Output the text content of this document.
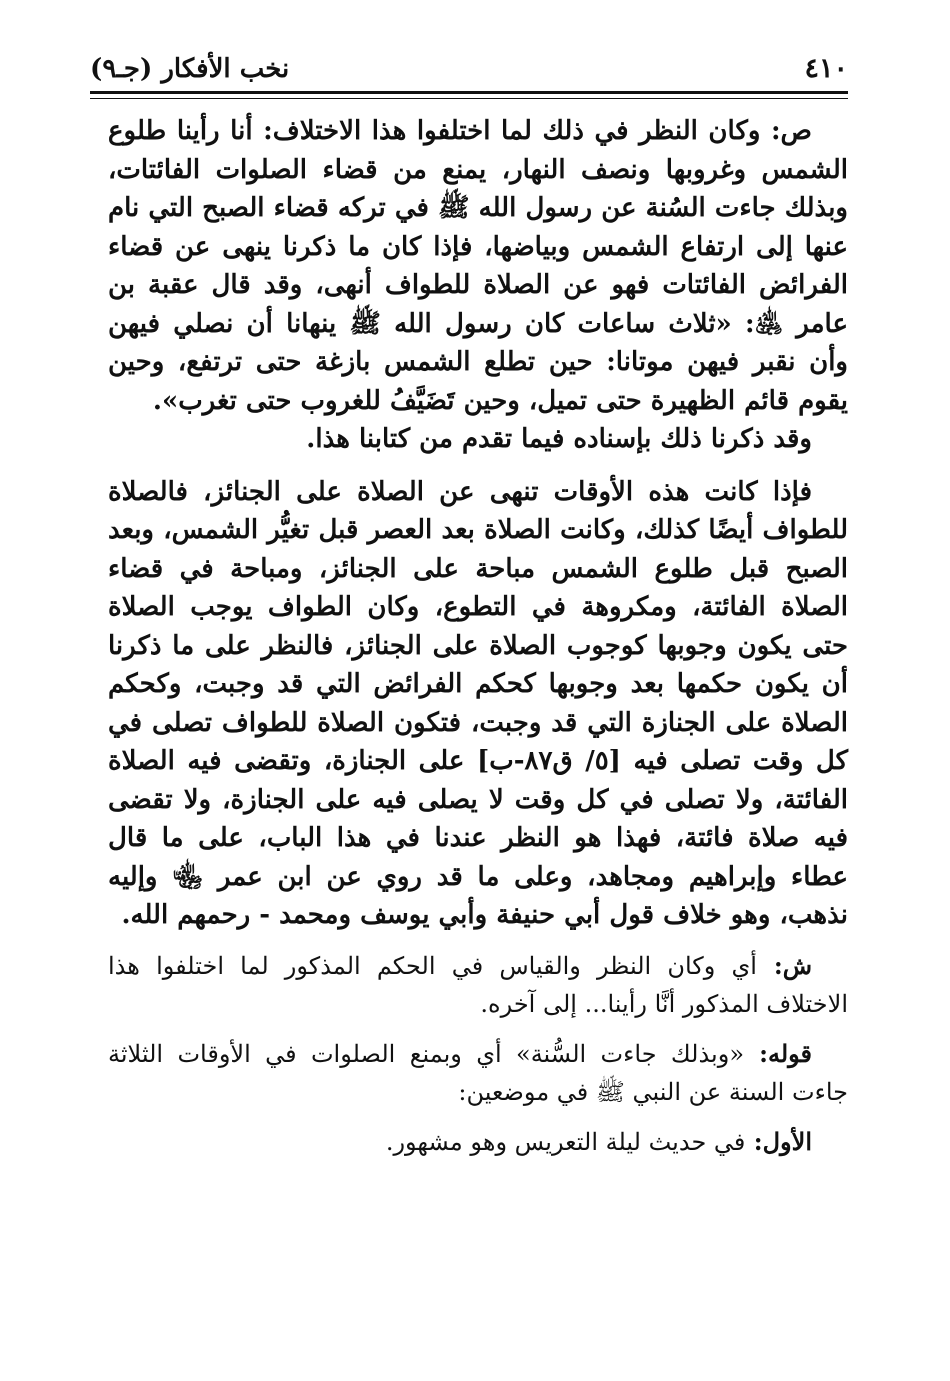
٤١٠
نخب الأفكار (جـ٩)

ص: وكان النظر في ذلك لما اختلفوا هذا الاختلاف: أنا رأينا طلوع الشمس وغروبها ونصف النهار، يمنع من قضاء الصلوات الفائتات، وبذلك جاءت السُنة عن رسول الله ﷺ في تركه قضاء الصبح التي نام عنها إلى ارتفاع الشمس وبياضها، فإذا كان ما ذكرنا ينهى عن قضاء الفرائض الفائتات فهو عن الصلاة للطواف أنهى، وقد قال عقبة بن عامر ﵁: «ثلاث ساعات كان رسول الله ﷺ ينهانا أن نصلي فيهن وأن نقبر فيهن موتانا: حين تطلع الشمس بازغة حتى ترتفع، وحين يقوم قائم الظهيرة حتى تميل، وحين تَضَيَّفُ للغروب حتى تغرب».

وقد ذكرنا ذلك بإسناده فيما تقدم من كتابنا هذا.

فإذا كانت هذه الأوقات تنهى عن الصلاة على الجنائز، فالصلاة للطواف أيضًا كذلك، وكانت الصلاة بعد العصر قبل تغيُّر الشمس، وبعد الصبح قبل طلوع الشمس مباحة على الجنائز، ومباحة في قضاء الصلاة الفائتة، ومكروهة في التطوع، وكان الطواف يوجب الصلاة حتى يكون وجوبها كوجوب الصلاة على الجنائز، فالنظر على ما ذكرنا أن يكون حكمها بعد وجوبها كحكم الفرائض التي قد وجبت، وكحكم الصلاة على الجنازة التي قد وجبت، فتكون الصلاة للطواف تصلى في كل وقت تصلى فيه [٥/ ق٨٧-ب] على الجنازة، وتقضى فيه الصلاة الفائتة، ولا تصلى في كل وقت لا يصلى فيه على الجنازة، ولا تقضى فيه صلاة فائتة، فهذا هو النظر عندنا في هذا الباب، على ما قال عطاء وإبراهيم ومجاهد، وعلى ما قد روي عن ابن عمر ﵄ وإليه نذهب، وهو خلاف قول أبي حنيفة وأبي يوسف ومحمد - رحمهم الله.

ش: أي وكان النظر والقياس في الحكم المذكور لما اختلفوا هذا الاختلاف المذكور أنَّا رأينا... إلى آخره.

قوله: «وبذلك جاءت السُّنة» أي وبمنع الصلوات في الأوقات الثلاثة جاءت السنة عن النبي ﷺ في موضعين:

الأول: في حديث ليلة التعريس وهو مشهور.
